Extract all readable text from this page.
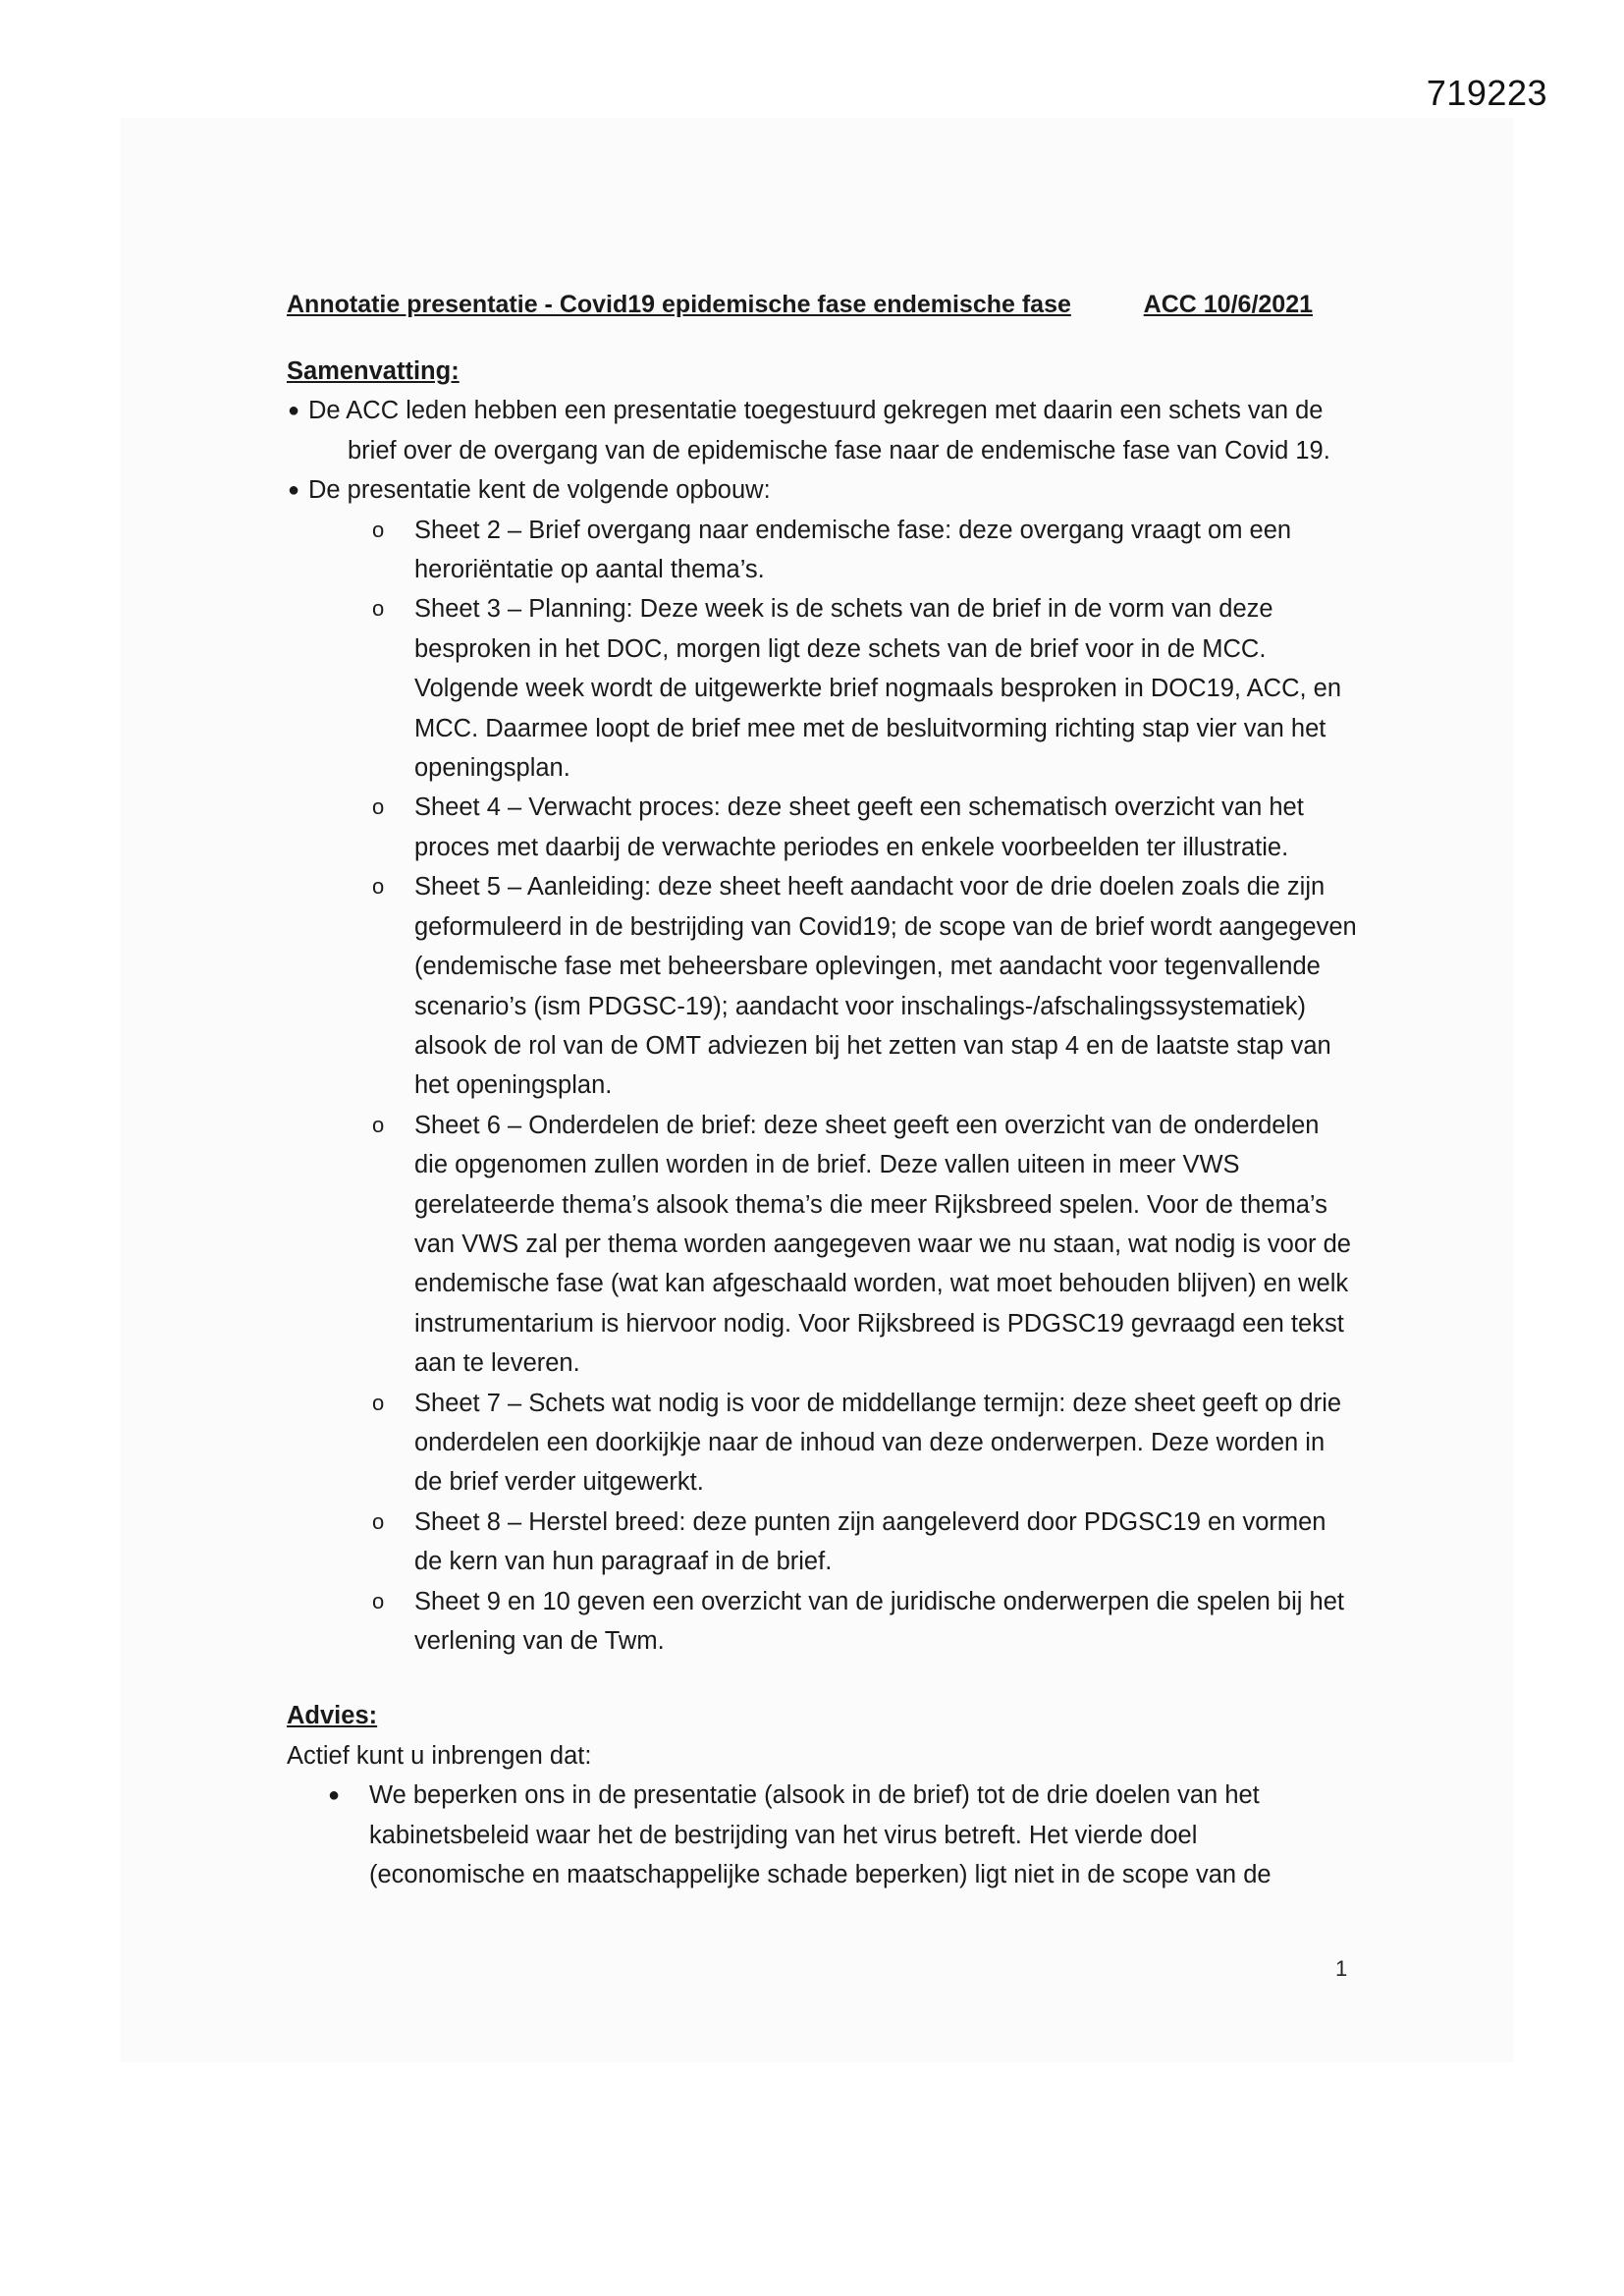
719223
Annotatie presentatie - Covid19 epidemische fase endemische fase	ACC 10/6/2021
Samenvatting:
● De ACC leden hebben een presentatie toegestuurd gekregen met daarin een schets van de brief over de overgang van de epidemische fase naar de endemische fase van Covid 19.
● De presentatie kent de volgende opbouw:
o Sheet 2 – Brief overgang naar endemische fase: deze overgang vraagt om een heroriëntatie op aantal thema’s.
o Sheet 3 – Planning: Deze week is de schets van de brief in de vorm van deze besproken in het DOC, morgen ligt deze schets van de brief voor in de MCC. Volgende week wordt de uitgewerkte brief nogmaals besproken in DOC19, ACC, en MCC. Daarmee loopt de brief mee met de besluitvorming richting stap vier van het openingsplan.
o Sheet 4 – Verwacht proces: deze sheet geeft een schematisch overzicht van het proces met daarbij de verwachte periodes en enkele voorbeelden ter illustratie.
o Sheet 5 – Aanleiding: deze sheet heeft aandacht voor de drie doelen zoals die zijn geformuleerd in de bestrijding van Covid19; de scope van de brief wordt aangegeven (endemische fase met beheersbare oplevingen, met aandacht voor tegenvallende scenario’s (ism PDGSC-19); aandacht voor inschalings-/afschalingssystematiek) alsook de rol van de OMT adviezen bij het zetten van stap 4 en de laatste stap van het openingsplan.
o Sheet 6 – Onderdelen de brief: deze sheet geeft een overzicht van de onderdelen die opgenomen zullen worden in de brief. Deze vallen uiteen in meer VWS gerelateerde thema’s alsook thema’s die meer Rijksbreed spelen. Voor de thema’s van VWS zal per thema worden aangegeven waar we nu staan, wat nodig is voor de endemische fase (wat kan afgeschaald worden, wat moet behouden blijven) en welk instrumentarium is hiervoor nodig. Voor Rijksbreed is PDGSC19 gevraagd een tekst aan te leveren.
o Sheet 7 – Schets wat nodig is voor de middellange termijn: deze sheet geeft op drie onderdelen een doorkijkje naar de inhoud van deze onderwerpen. Deze worden in de brief verder uitgewerkt.
o Sheet 8 – Herstel breed: deze punten zijn aangeleverd door PDGSC19 en vormen de kern van hun paragraaf in de brief.
o Sheet 9 en 10 geven een overzicht van de juridische onderwerpen die spelen bij het verlening van de Twm.
Advies:
Actief kunt u inbrengen dat:
● We beperken ons in de presentatie (alsook in de brief) tot de drie doelen van het kabinetsbeleid waar het de bestrijding van het virus betreft. Het vierde doel (economische en maatschappelijke schade beperken) ligt niet in de scope van de
1
